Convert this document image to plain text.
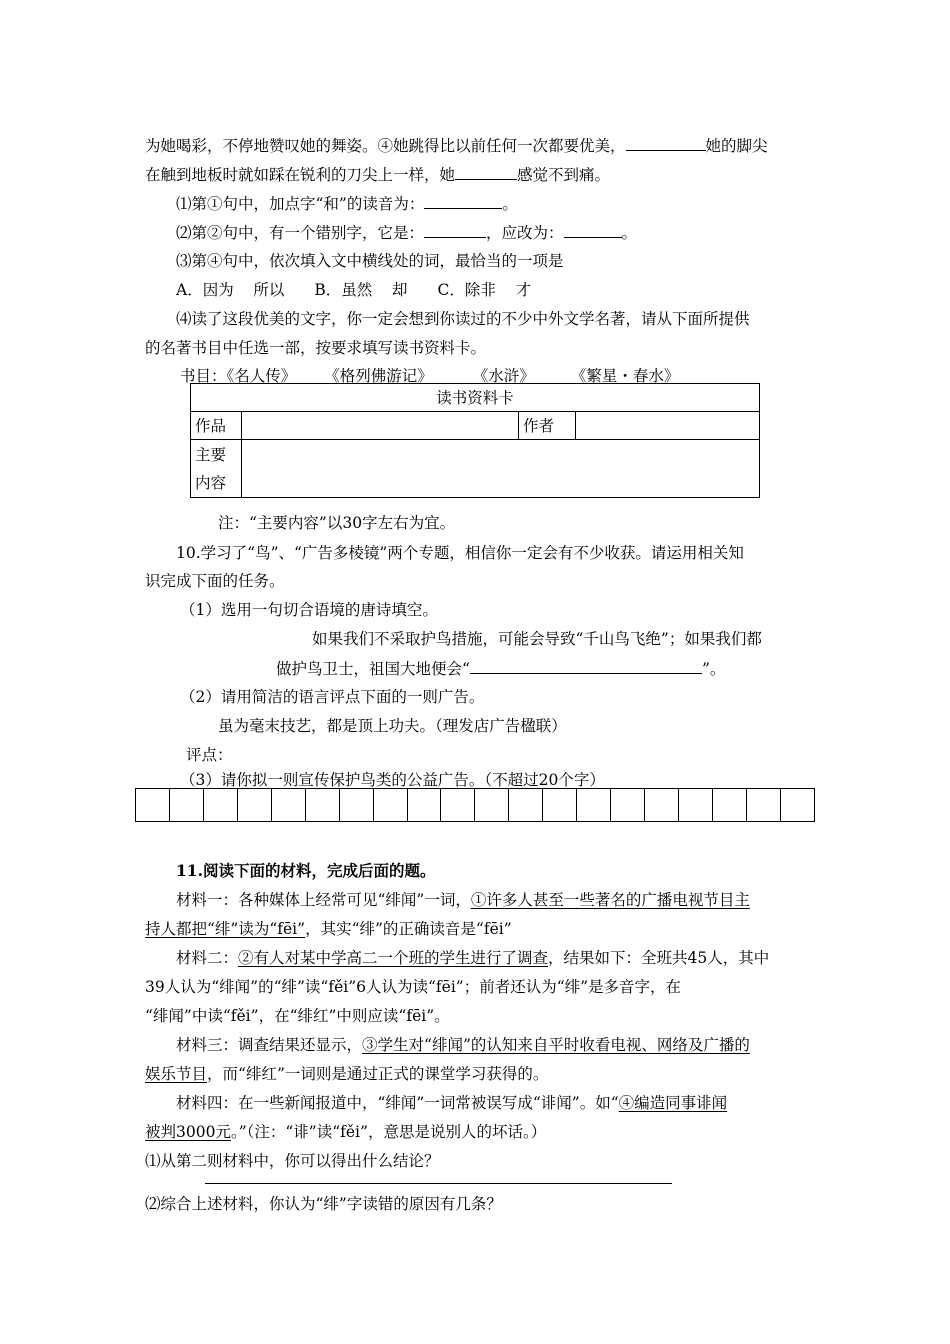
为她喝彩，不停地赞叹她的舞姿。④她跳得比以前任何一次都要优美，	她的脚尖
在触到地板时就如踩在锐利的刀尖上一样，她	感觉不到痛。
⑴第①句中，加点字“和”的读音为：	。
⑵第②句中，有一个错别字，它是：	，应改为：	。
⑶第④句中，依次填入文中横线处的词，最恰当的一项是
A．因为    所以 B．虽然    却 C．除非    才
⑷读了这段优美的文字，你一定会想到你读过的不少中外文学名著，请从下面所提供
的名著书目中任选一部，按要求填写读书资料卡。
书目：《名人传》 《格列佛游记》	《水浒》 《繁星・春水》
读书资料卡			
作品		作者	
主要
内容			
注：“主要内容”以30字左右为宜。
10.学习了“鸟”、“广告多棱镜”两个专题，相信你一定会有不少收获。请运用相关知
识完成下面的任务。
（1）选用一句切合语境的唐诗填空。
如果我们不采取护鸟措施，可能会导致“千山鸟飞绝”；如果我们都
做护鸟卫士，祖国大地便会“	”。
（2）请用简洁的语言评点下面的一则广告。
虽为毫末技艺，都是顶上功夫。（理发店广告楹联）
评点：
（3）请你拟一则宣传保护鸟类的公益广告。（不超过20个字）

11.阅读下面的材料，完成后面的题。
材料一：各种媒体上经常可见“绯闻”一词，①许多人甚至一些著名的广播电视节目主
持人都把“绯”读为“fēi”，其实“绯”的正确读音是“fēi”
材料二：②有人对某中学高二一个班的学生进行了调查，结果如下：全班共45人，其中
39人认为“绯闻”的“绯”读“fěi”6人认为读“fēi”；前者还认为“绯”是多音字，在
“绯闻”中读“fěi”，在“绯红”中则应读“fēi”。
材料三：调查结果还显示，③学生对“绯闻”的认知来自平时收看电视、网络及广播的
娱乐节目，而“绯红”一词则是通过正式的课堂学习获得的。
材料四：在一些新闻报道中，“绯闻”一词常被误写成“诽闻”。如“④编造同事诽闻
被判3000元。”（注：“诽”读“fěi”，意思是说别人的坏话。）
⑴从第二则材料中，你可以得出什么结论？
⑵综合上述材料，你认为“绯”字读错的原因有几条？
